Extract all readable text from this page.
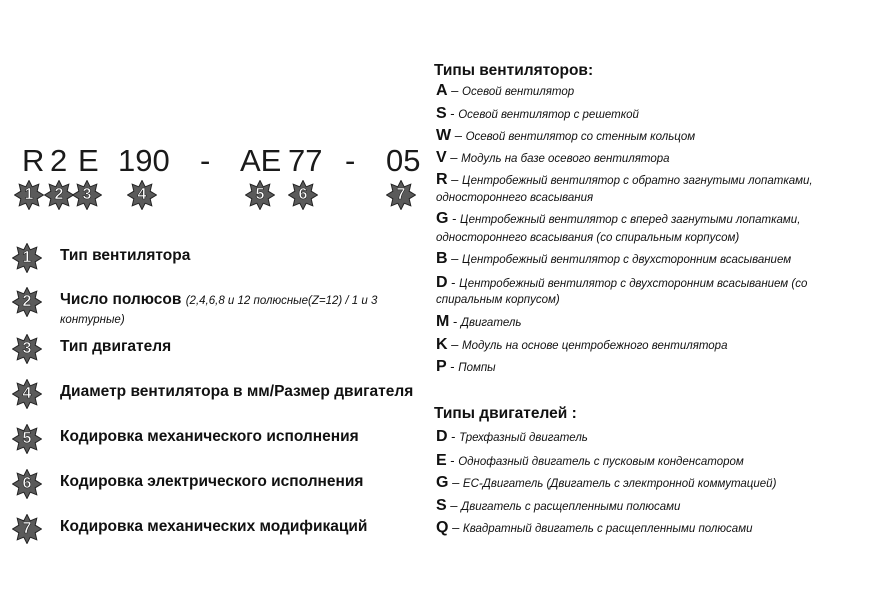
R 2 E 190 - AE 77 - 05
1	2	3	4	5	6	7
1	Тип вентилятора
2	Число полюсов (2,4,6,8 и 12 полюсные(Z=12) / 1 и 3
контурные)
3	Тип двигателя
4	Диаметр вентилятора в мм/Размер двигателя
5	Кодировка механического исполнения
6	Кодировка электрического исполнения
7	Кодировка механических модификаций
Типы вентиляторов:
A – Осевой вентилятор
S - Осевой вентилятор с решеткой
W – Осевой вентилятор со стенным кольцом
V – Модуль на базе осевого вентилятора
R – Центробежный вентилятор с обратно загнутыми лопатками,
одностороннего всасывания
G - Центробежный вентилятор с вперед загнутыми лопатками,
одностороннего всасывания (со спиральным корпусом)
B – Центробежный вентилятор с двухсторонним всасыванием
D - Центробежный вентилятор с двухсторонним всасыванием (со
спиральным корпусом)
M - Двигатель
K – Модуль на основе центробежного вентилятора
P - Помпы
Типы двигателей :
D - Трехфазный двигатель
E - Однофазный двигатель с пусковым конденсатором
G – EC-Двигатель (Двигатель с электронной коммутацией)
S – Двигатель с расщепленными полюсами
Q – Квадратный двигатель с расщепленными полюсами
